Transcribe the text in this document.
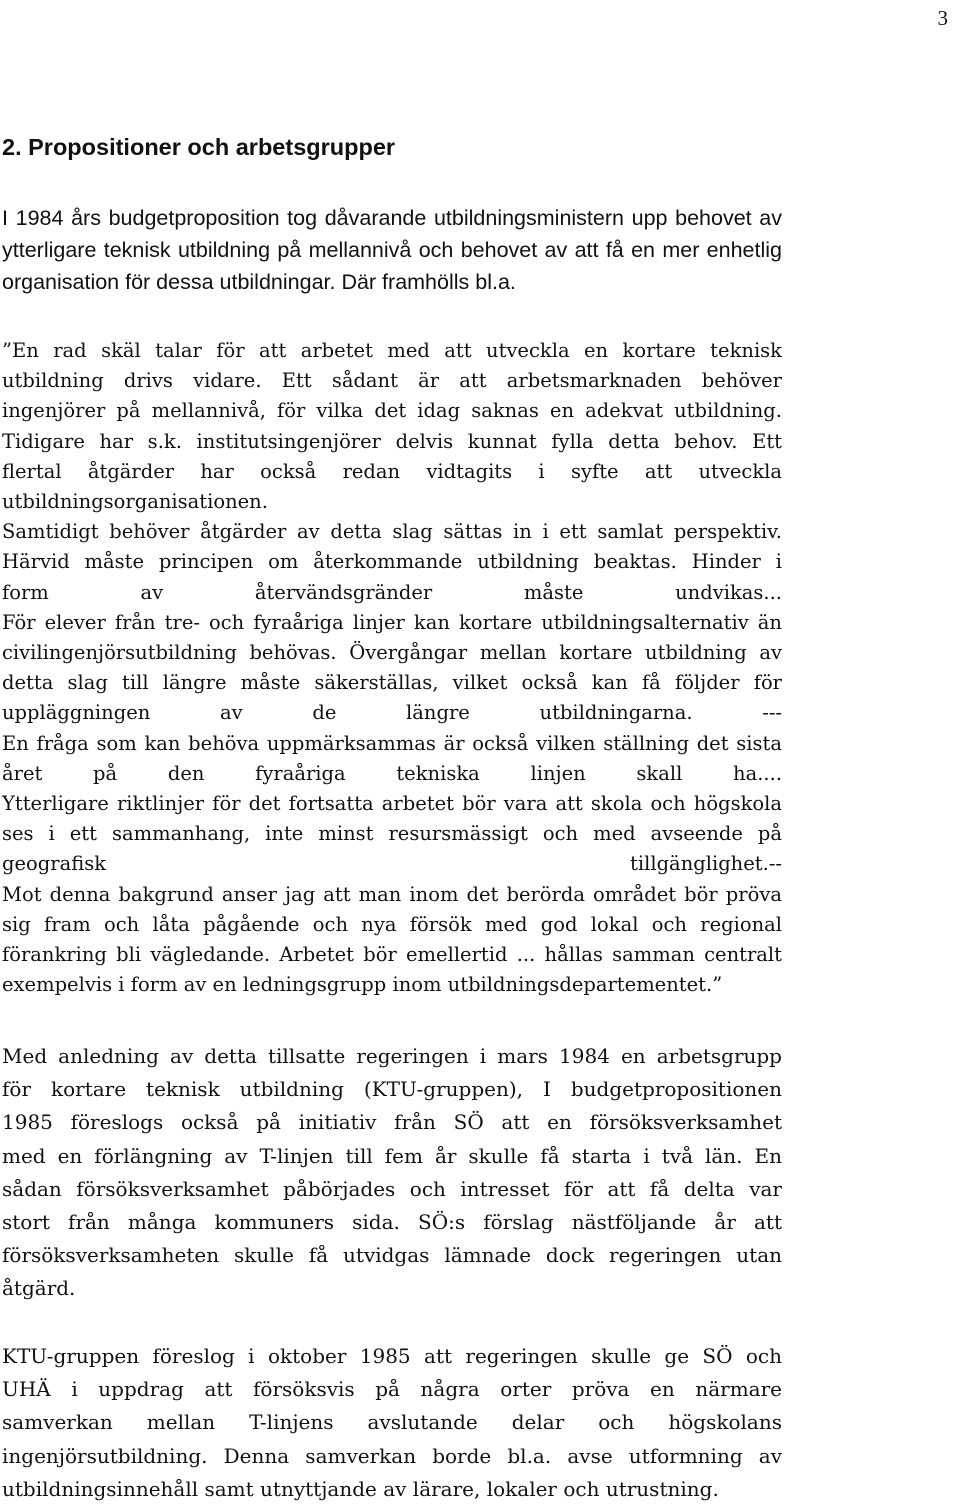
3
2. Propositioner och arbetsgrupper
I 1984 års budgetproposition tog dåvarande utbildningsministern upp behovet av ytterligare teknisk utbildning på mellannivå och behovet av att få en mer enhetlig organisation för dessa utbildningar. Där framhölls bl.a.
”En rad skäl talar för att arbetet med att utveckla en kortare teknisk
utbildning drivs vidare. Ett sådant är att arbetsmarknaden behöver
ingenjörer på mellannivå, för vilka det idag saknas en adekvat utbildning.
Tidigare har s.k. institutsingenjörer delvis kunnat fylla detta behov. Ett
flertal åtgärder har också redan vidtagits i syfte att utveckla
utbildningsorganisationen.
Samtidigt behöver åtgärder av detta slag sättas in i ett samlat perspektiv.
Härvid måste principen om återkommande utbildning beaktas. Hinder i
form av återvändsgränder måste undvikas...
För elever från tre- och fyraåriga linjer kan kortare utbildningsalternativ än
civilingenjörsutbildning behövas. Övergångar mellan kortare utbildning av
detta slag till längre måste säkerställas, vilket också kan få följder för
uppläggningen av de längre utbildningarna. ---
En fråga som kan behöva uppmärksammas är också vilken ställning det sista
året på den fyraåriga tekniska linjen skall ha....
Ytterligare riktlinjer för det fortsatta arbetet bör vara att skola och högskola
ses i ett sammanhang, inte minst resursmässigt och med avseende på
geografisk tillgänglighet.--
Mot denna bakgrund anser jag att man inom det berörda området bör pröva
sig fram och låta pågående och nya försök med god lokal och regional
förankring bli vägledande. Arbetet bör emellertid ... hållas samman centralt
exempelvis i form av en ledningsgrupp inom utbildningsdepartementet.”
Med anledning av detta tillsatte regeringen i mars 1984 en arbetsgrupp
för kortare teknisk utbildning (KTU-gruppen), I budgetpropositionen
1985 föreslogs också på initiativ från SÖ att en försöksverksamhet
med en förlängning av T-linjen till fem år skulle få starta i två län. En
sådan försöksverksamhet påbörjades och intresset för att få delta var
stort från många kommuners sida. SÖ:s förslag nästföljande år att
försöksverksamheten skulle få utvidgas lämnade dock regeringen utan
åtgärd.
KTU-gruppen föreslog i oktober 1985 att regeringen skulle ge SÖ och
UHÄ i uppdrag att försöksvis på några orter pröva en närmare
samverkan mellan T-linjens avslutande delar och högskolans
ingenjörsutbildning. Denna samverkan borde bl.a. avse utformning av
utbildningsinnehåll samt utnyttjande av lärare, lokaler och utrustning.
